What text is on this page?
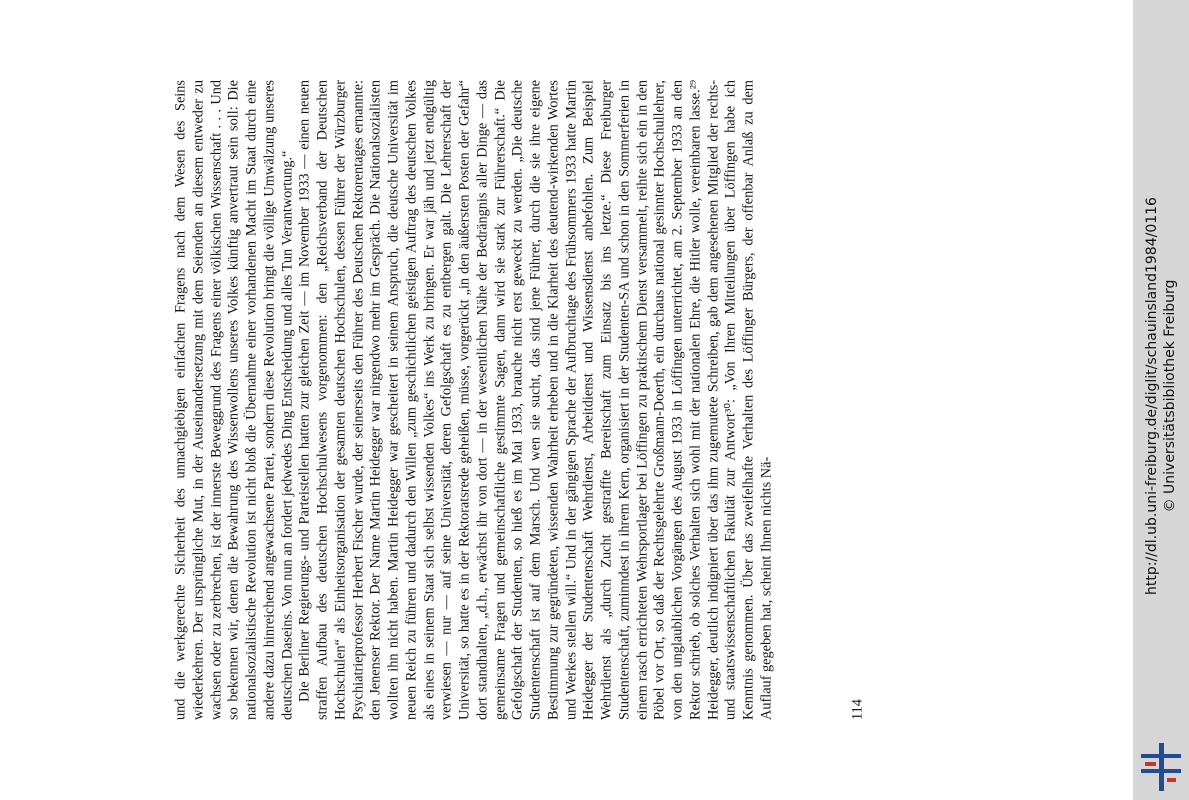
und die werkgerechte Sicherheit des unnachgiebigen einfachen Fragens nach dem Wesen des Seins wiederkehren. Der ursprüngliche Mut, in der Auseinandersetzung mit dem Seienden an diesem entweder zu wachsen oder zu zerbrechen, ist der innerste Beweggrund des Fragens einer völkischen Wissenschaft . . . Und so bekennen wir, denen die Bewahrung des Wissenwollens unseres Volkes künftig anvertraut sein soll: Die nationalsozialistische Revolution ist nicht bloß die Übernahme einer vorhandenen Macht im Staat durch eine andere dazu hinreichend angewachsene Partei, sondern diese Revolution bringt die völlige Umwälzung unseres deutschen Daseins. Von nun an fordert jedwedes Ding Entscheidung und alles Tun Verantwortung.“ Die Berliner Regierungs- und Parteistellen hatten zur gleichen Zeit — im November 1933 — einen neuen straffen Aufbau des deutschen Hochschulwesens vorgenommen: den „Reichsverband der Deutschen Hochschulen“ als Einheitsorganisation der gesamten deutschen Hochschulen, dessen Führer der Würzburger Psychiatrieprofessor Herbert Fischer wurde, der seinerseits den Führer des Deutschen Rektorentages ernannte: den Jenenser Rektor. Der Name Martin Heidegger war nirgendwo mehr im Gespräch. Die Nationalsozialisten wollten ihn nicht haben. Martin Heidegger war gescheitert in seinem Anspruch, die deutsche Universität im neuen Reich zu führen und dadurch den Willen „zum geschichtlichen geistigen Auftrag des deutschen Volkes als eines in seinem Staat sich selbst wissenden Volkes“ ins Werk zu bringen. Er war jäh und jetzt endgültig verwiesen — nur — auf seine Universität, deren Gefolgschaft es zu entbergen galt. Die Lehrerschaft der Universität, so hatte es in der Rektoratsrede geheißen, müsse, vorgerückt „in den äußersten Posten der Gefahr“ dort standhalten, „d.h., erwächst ihr von dort — in der wesentlichen Nähe der Bedrängnis aller Dinge — das gemeinsame Fragen und gemeinschaftliche gestimmte Sagen, dann wird sie stark zur Führerschaft.“ Die Gefolgschaft der Studenten, so hieß es im Mai 1933, brauche nicht erst geweckt zu werden. „Die deutsche Studentenschaft ist auf dem Marsch. Und wen sie sucht, das sind jene Führer, durch die sie ihre eigene Bestimmung zur gegründeten, wissenden Wahrheit erheben und in die Klarheit des deutend-wirkenden Wortes und Werkes stellen will.“ Und in der gängigen Sprache der Aufbruchtage des Frühsommers 1933 hatte Martin Heidegger der Studentenschaft Wehrdienst, Arbeitdienst und Wissensdienst anbefohlen. Zum Beispiel Wehrdienst als „durch Zucht gestraffte Bereitschaft zum Einsatz bis ins letzte.“ Diese Freiburger Studentenschaft, zuminndest in ihrem Kern, organisiert in der Studenten-SA und schon in den Sommerferien in einem rasch errichteten Wehrsportlager bei Löffingen zu praktischem Dienst versammelt, reihte sich ein in den Pöbel vor Ort, so daß der Rechtsgelehrte Großmann-Doerth, ein durchaus national gesinnter Hochschullehrer, von den unglaublichen Vorgängen des August 1933 in Löffingen unterrichtet, am 2. September 1933 an den Rektor schrieb, ob solches Verhalten sich wohl mit der nationalen Ehre, die Hitler wolle, vereinbaren lasse.²⁹ Heidegger, deutlich indigniert über das ihm zugemutete Schreiben, gab dem angesehenen Mitglied der rechts- und staatswissenschaftlichen Fakultät zur Antwort³⁰: „Von Ihren Mitteilungen über Löffingen habe ich Kenntnis genommen. Über das zweifelhafte Verhalten des Löffinger Bürgers, der offenbar Anlaß zu dem Auflauf gegeben hat, scheint Ihnen nichts Nä-	114
http://dl.ub.uni-freiburg.de/diglit/schauinsland1984/0116 © Universitätsbibliothek Freiburg
